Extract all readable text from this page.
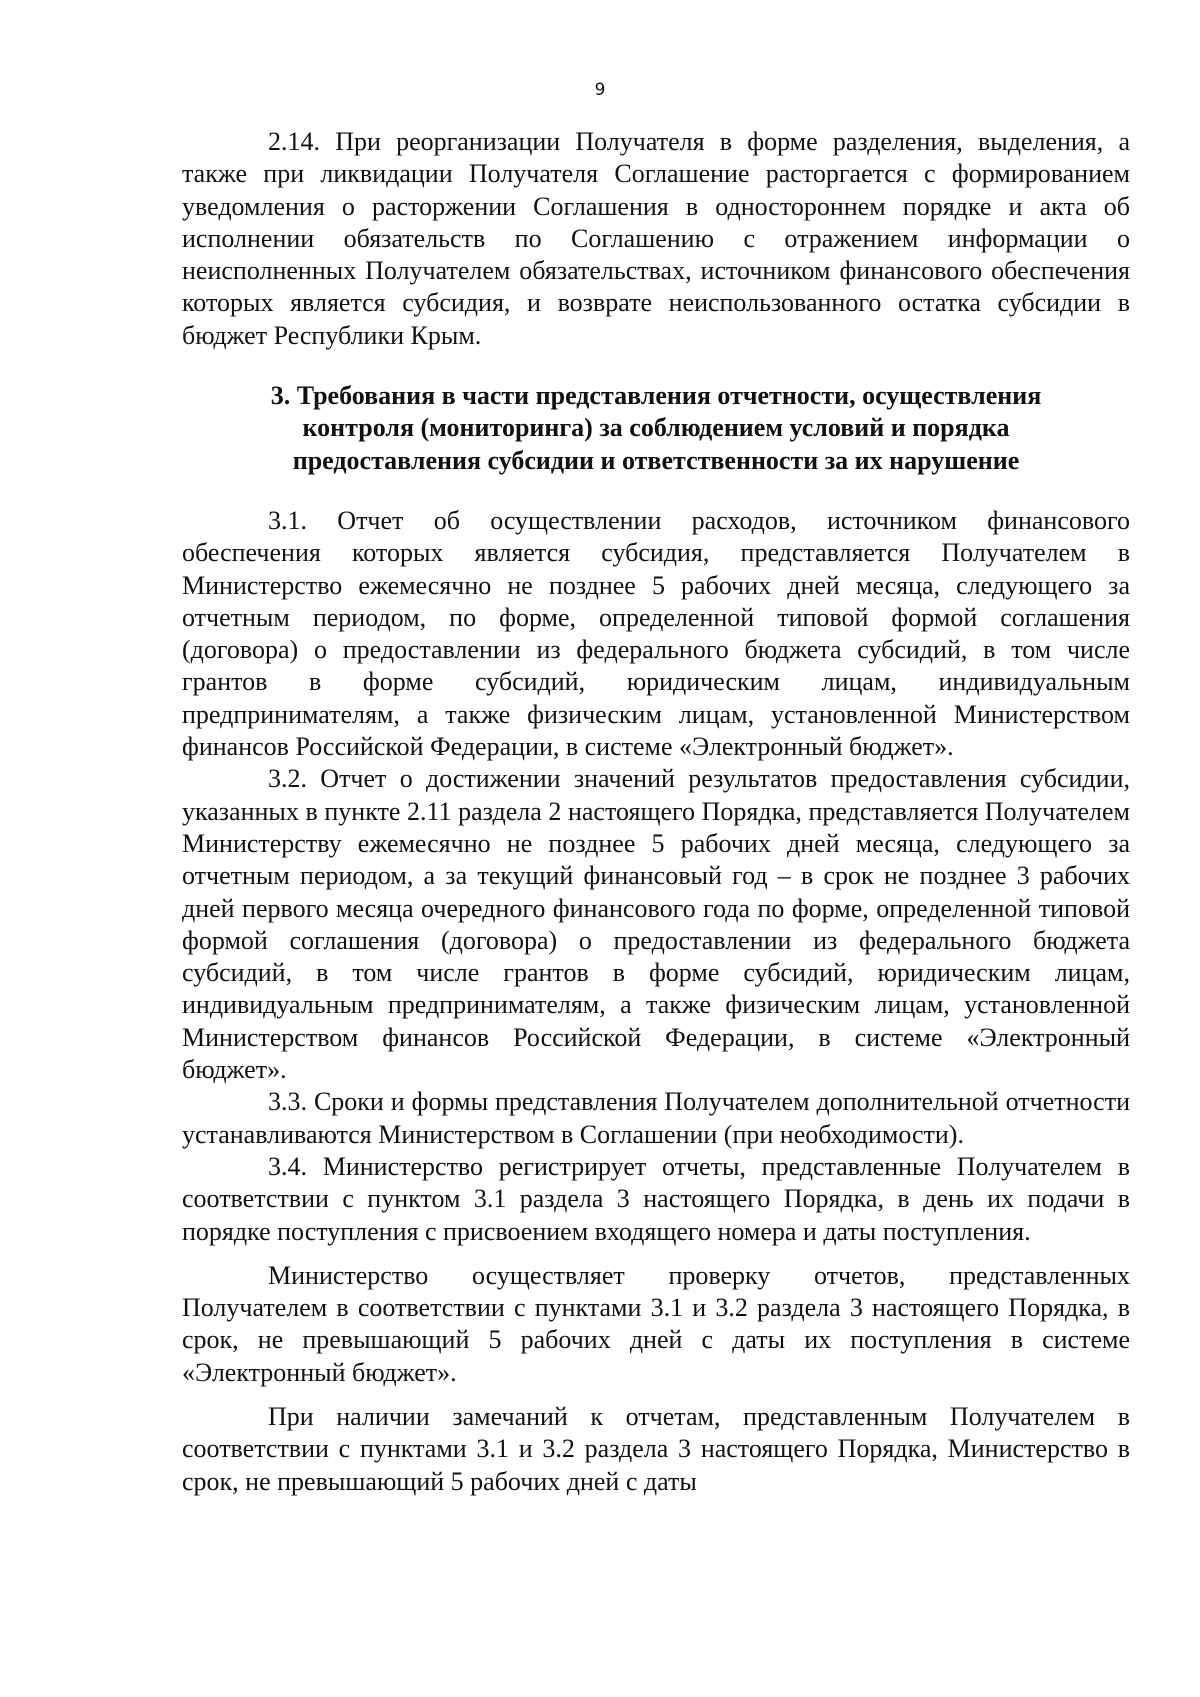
9

2.14. При реорганизации Получателя в форме разделения, выделения, а также при ликвидации Получателя Соглашение расторгается с формированием уведомления о расторжении Соглашения в одностороннем порядке и акта об исполнении обязательств по Соглашению с отражением информации о неисполненных Получателем обязательствах, источником финансового обеспечения которых является субсидия, и возврате неиспользованного остатка субсидии в бюджет Республики Крым.

3. Требования в части представления отчетности, осуществления контроля (мониторинга) за соблюдением условий и порядка предоставления субсидии и ответственности за их нарушение

3.1. Отчет об осуществлении расходов, источником финансового обеспечения которых является субсидия, представляется Получателем в Министерство ежемесячно не позднее 5 рабочих дней месяца, следующего за отчетным периодом, по форме, определенной типовой формой соглашения (договора) о предоставлении из федерального бюджета субсидий, в том числе грантов в форме субсидий, юридическим лицам, индивидуальным предпринимателям, а также физическим лицам, установленной Министерством финансов Российской Федерации, в системе «Электронный бюджет».

3.2. Отчет о достижении значений результатов предоставления субсидии, указанных в пункте 2.11 раздела 2 настоящего Порядка, представляется Получателем Министерству ежемесячно не позднее 5 рабочих дней месяца, следующего за отчетным периодом, а за текущий финансовый год – в срок не позднее 3 рабочих дней первого месяца очередного финансового года по форме, определенной типовой формой соглашения (договора) о предоставлении из федерального бюджета субсидий, в том числе грантов в форме субсидий, юридическим лицам, индивидуальным предпринимателям, а также физическим лицам, установленной Министерством финансов Российской Федерации, в системе «Электронный бюджет».

3.3. Сроки и формы представления Получателем дополнительной отчетности устанавливаются Министерством в Соглашении (при необходимости).

3.4. Министерство регистрирует отчеты, представленные Получателем в соответствии с пунктом 3.1 раздела 3 настоящего Порядка, в день их подачи в порядке поступления с присвоением входящего номера и даты поступления.

Министерство осуществляет проверку отчетов, представленных Получателем в соответствии с пунктами 3.1 и 3.2 раздела 3 настоящего Порядка, в срок, не превышающий 5 рабочих дней с даты их поступления в системе «Электронный бюджет».

При наличии замечаний к отчетам, представленным Получателем в соответствии с пунктами 3.1 и 3.2 раздела 3 настоящего Порядка, Министерство в срок, не превышающий 5 рабочих дней с даты
